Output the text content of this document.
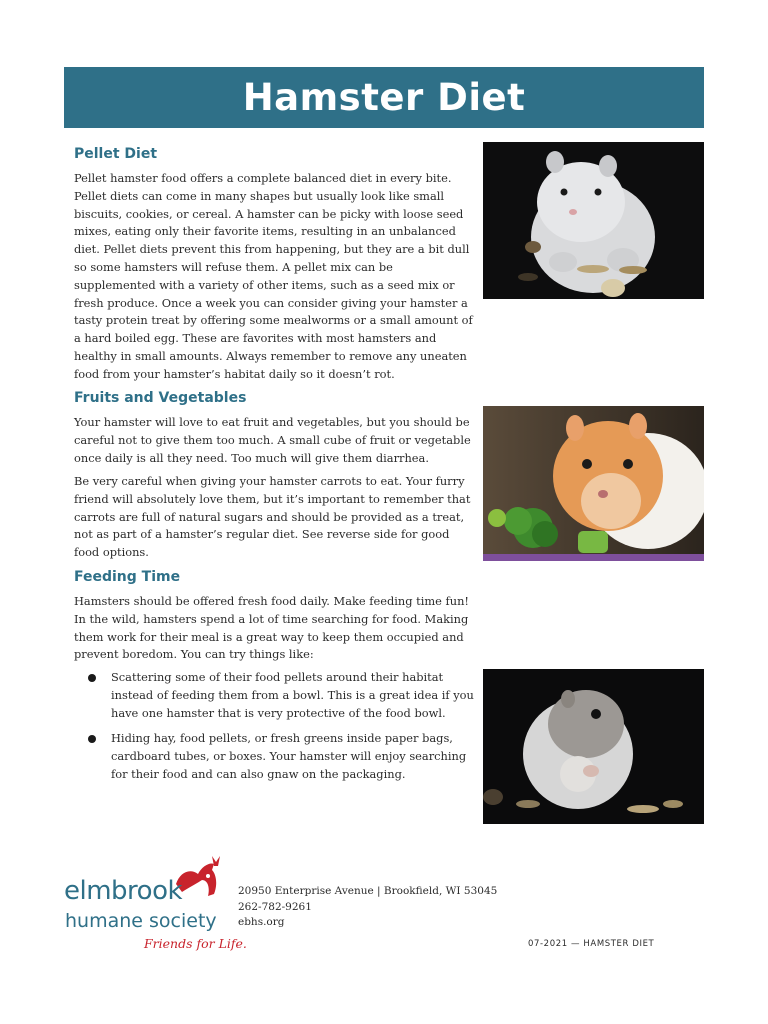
Hamster Diet
Pellet Diet

Pellet hamster food offers a complete balanced diet in every bite. Pellet diets can come in many shapes but usually look like small biscuits, cookies, or cereal. A hamster can be picky with loose seed mixes, eating only their favorite items, resulting in an unbalanced diet. Pellet diets prevent this from happening, but they are a bit dull so some hamsters will refuse them. A pellet mix can be supplemented with a variety of other items, such as a seed mix or fresh produce. Once a week you can consider giving your hamster a tasty protein treat by offering some mealworms or a small amount of a hard boiled egg. These are favorites with most hamsters and healthy in small amounts. Always remember to remove any uneaten food from your hamster’s habitat daily so it doesn’t rot.

Fruits and Vegetables

Your hamster will love to eat fruit and vegetables, but you should be careful not to give them too much. A small cube of fruit or vegetable once daily is all they need. Too much will give them diarrhea.

Be very careful when giving your hamster carrots to eat. Your furry friend will absolutely love them, but it’s important to remember that carrots are full of natural sugars and should be provided as a treat, not as part of a hamster’s regular diet. See reverse side for good food options.

Feeding Time

Hamsters should be offered fresh food daily. Make feeding time fun! In the wild, hamsters spend a lot of time searching for food. Making them work for their meal is a great way to keep them occupied and prevent boredom. You can try things like:

Scattering some of their food pellets around their habitat instead of feeding them from a bowl. This is a great idea if you have one hamster that is very protective of the food bowl.
Hiding hay, food pellets, or fresh greens inside paper bags, cardboard tubes, or boxes. Your hamster will enjoy searching for their food and can also gnaw on the packaging.
elmbrook
humane society
Friends for Life.
20950 Enterprise Avenue | Brookfield, WI 53045
262-782-9261
ebhs.org
07-2021 — HAMSTER DIET
